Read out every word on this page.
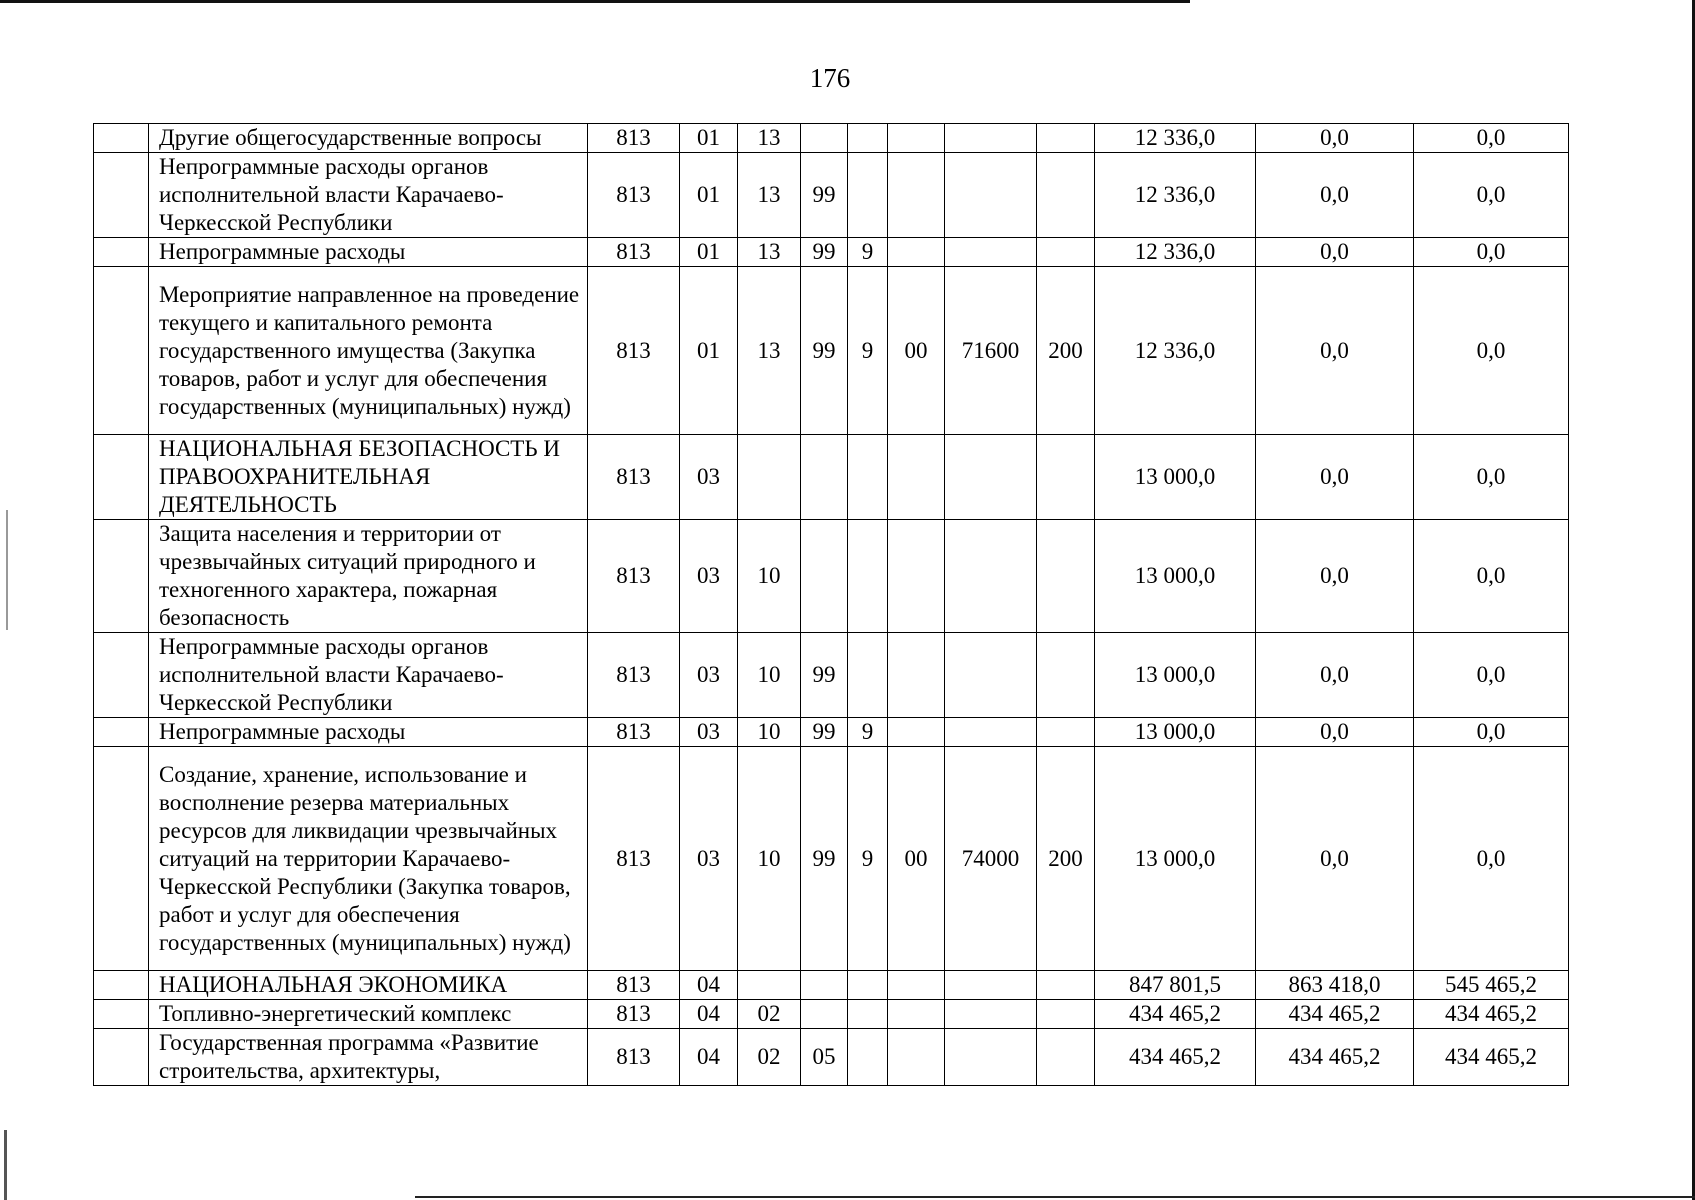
176
	Другие общегосударственные вопросы	813	01	13						12 336,0	0,0	0,0
	Непрограммные расходы органов исполнительной власти Карачаево-Черкесской Республики	813	01	13	99					12 336,0	0,0	0,0
	Непрограммные расходы	813	01	13	99	9				12 336,0	0,0	0,0
	Мероприятие направленное на проведение текущего и капитального ремонта государственного имущества (Закупка товаров, работ и услуг для обеспечения государственных (муниципальных) нужд)	813	01	13	99	9	00	71600	200	12 336,0	0,0	0,0
	НАЦИОНАЛЬНАЯ БЕЗОПАСНОСТЬ И ПРАВООХРАНИТЕЛЬНАЯ ДЕЯТЕЛЬНОСТЬ	813	03							13 000,0	0,0	0,0
	Защита населения и территории от чрезвычайных ситуаций природного и техногенного характера, пожарная безопасность	813	03	10						13 000,0	0,0	0,0
	Непрограммные расходы органов исполнительной власти Карачаево-Черкесской Республики	813	03	10	99					13 000,0	0,0	0,0
	Непрограммные расходы	813	03	10	99	9				13 000,0	0,0	0,0
	Создание, хранение, использование и восполнение резерва материальных ресурсов для ликвидации чрезвычайных ситуаций на территории Карачаево-Черкесской Республики (Закупка товаров, работ и услуг для обеспечения государственных (муниципальных) нужд)	813	03	10	99	9	00	74000	200	13 000,0	0,0	0,0
	НАЦИОНАЛЬНАЯ ЭКОНОМИКА	813	04							847 801,5	863 418,0	545 465,2
	Топливно-энергетический комплекс	813	04	02						434 465,2	434 465,2	434 465,2
	Государственная программа «Развитие строительства, архитектуры,	813	04	02	05					434 465,2	434 465,2	434 465,2
